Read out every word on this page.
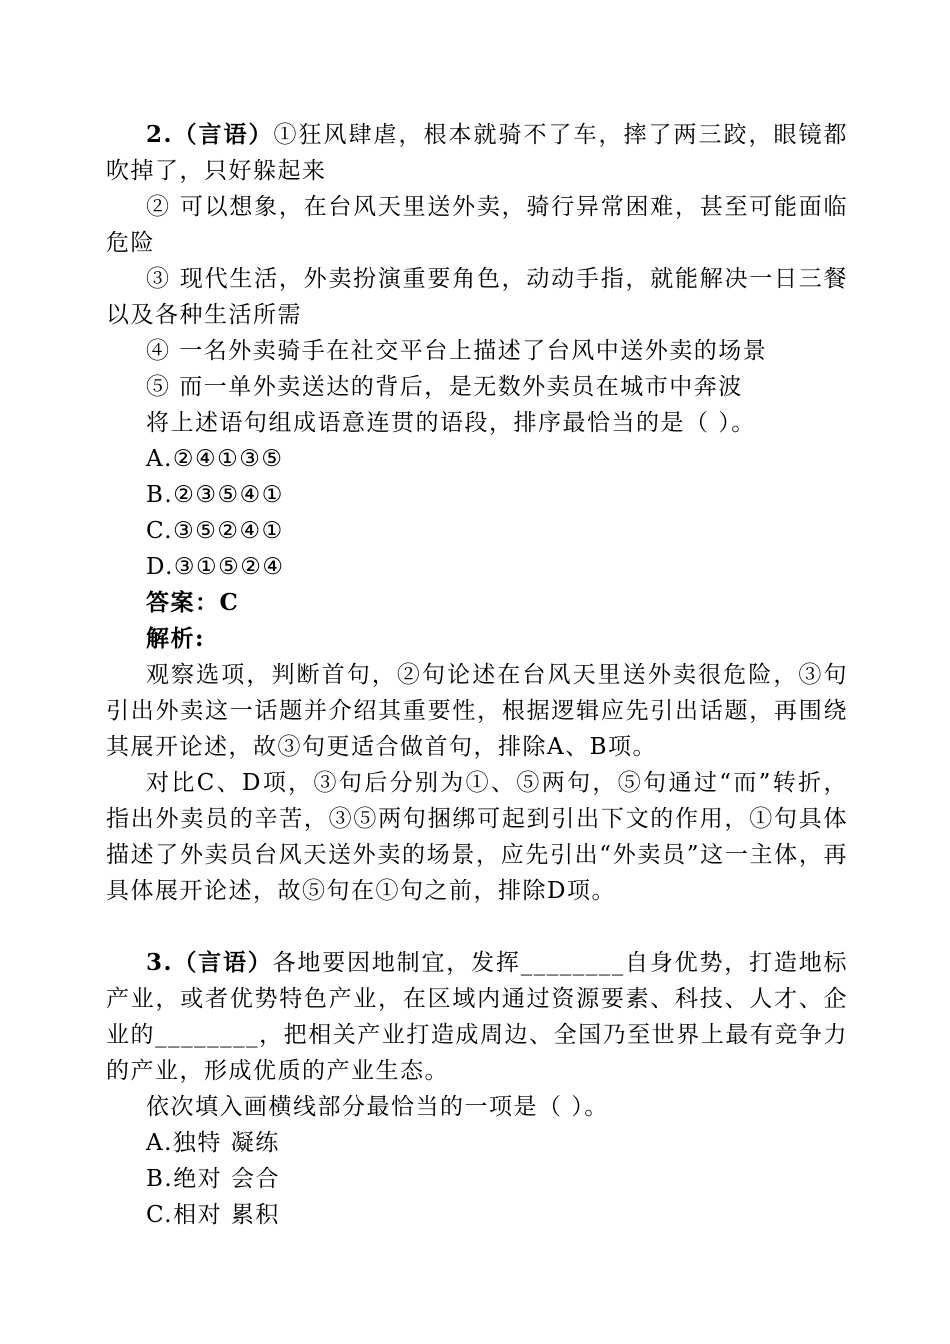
2.（言语）①狂风肆虐，根本就骑不了车，摔了两三跤，眼镜都吹掉了，只好躲起来

② 可以想象，在台风天里送外卖，骑行异常困难，甚至可能面临危险

③ 现代生活，外卖扮演重要角色，动动手指，就能解决一日三餐以及各种生活所需

④ 一名外卖骑手在社交平台上描述了台风中送外卖的场景

⑤ 而一单外卖送达的背后，是无数外卖员在城市中奔波

将上述语句组成语意连贯的语段，排序最恰当的是（ ）。

A.②④①③⑤

B.②③⑤④①

C.③⑤②④①

D.③①⑤②④

答案：C

解析:

观察选项，判断首句，②句论述在台风天里送外卖很危险，③句引出外卖这一话题并介绍其重要性，根据逻辑应先引出话题，再围绕其展开论述，故③句更适合做首句，排除A、B项。

对比C、D项，③句后分别为①、⑤两句，⑤句通过“而”转折，指出外卖员的辛苦，③⑤两句捆绑可起到引出下文的作用，①句具体描述了外卖员台风天送外卖的场景，应先引出“外卖员”这一主体，再具体展开论述，故⑤句在①句之前，排除D项。

3.（言语）各地要因地制宜，发挥________自身优势，打造地标产业，或者优势特色产业，在区域内通过资源要素、科技、人才、企业的________，把相关产业打造成周边、全国乃至世界上最有竞争力的产业，形成优质的产业生态。

依次填入画横线部分最恰当的一项是（ ）。

A.独特 凝练

B.绝对 会合

C.相对 累积
